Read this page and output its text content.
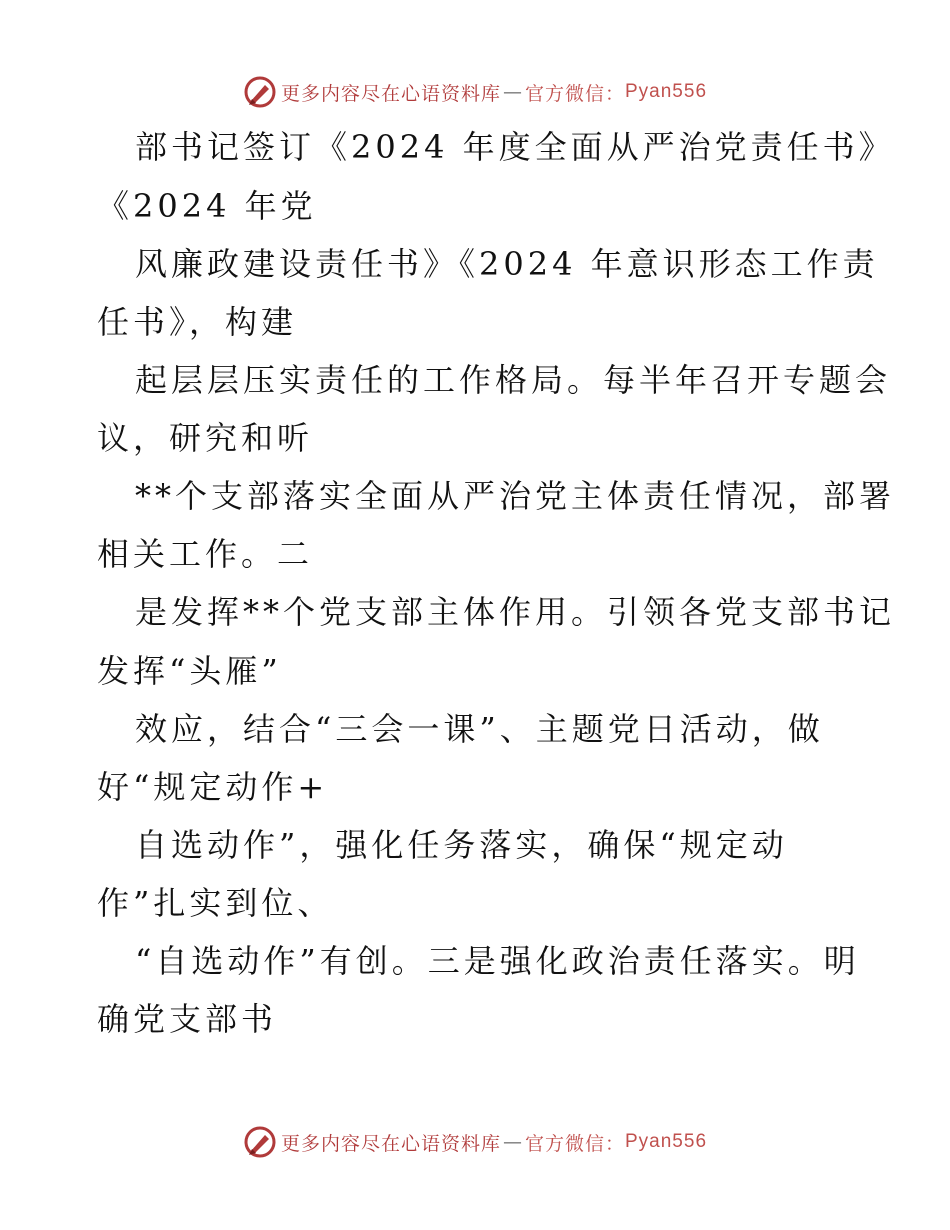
更多内容尽在心语资料库 — 官方微信： Pyan556
部书记签订《2024 年度全面从严治党责任书》
《2024 年党
风廉政建设责任书》《2024 年意识形态工作责
任书》，构建
起层层压实责任的工作格局。每半年召开专题会
议，研究和听
**个支部落实全面从严治党主体责任情况，部署
相关工作。二
是发挥**个党支部主体作用。引领各党支部书记
发挥“头雁”
效应，结合“三会一课”、主题党日活动，做
好“规定动作+
自选动作”，强化任务落实，确保“规定动
作”扎实到位、
“自选动作”有创。三是强化政治责任落实。明
确党支部书
更多内容尽在心语资料库 — 官方微信： Pyan556
